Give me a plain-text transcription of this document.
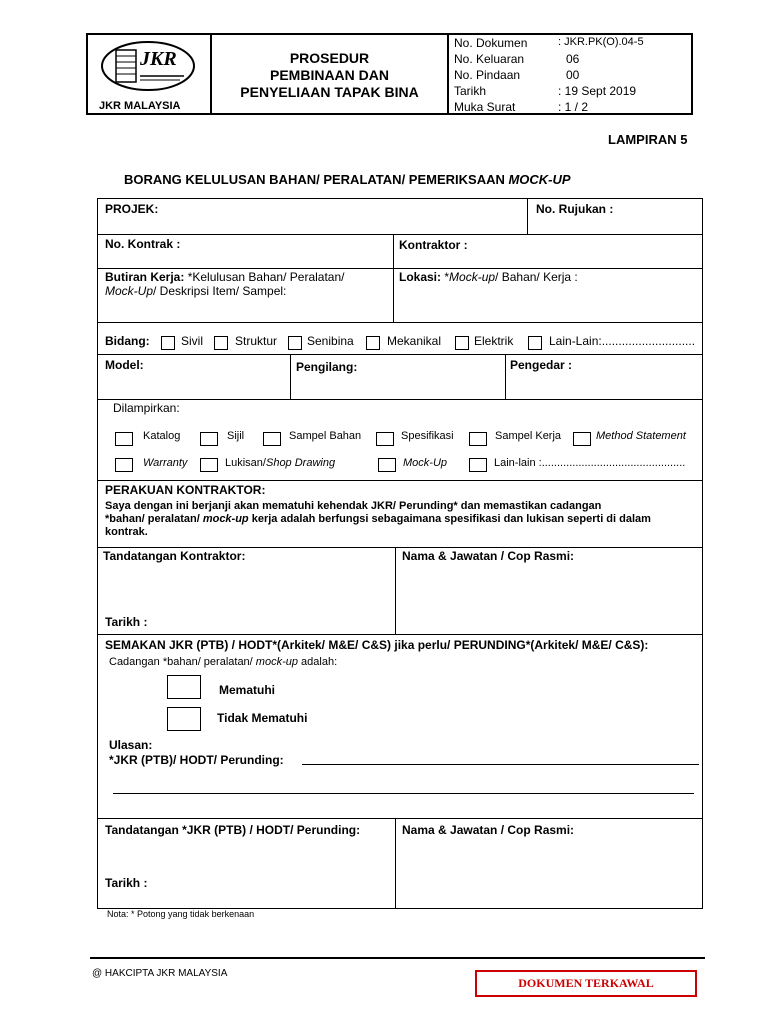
JKR
JKR MALAYSIA
PROSEDUR
PEMBINAAN DAN
PENYELIAAN TAPAK BINA
No. Dokumen	: JKR.PK(O).04-5
No. Keluaran	06
No. Pindaan	00
Tarikh	: 19 Sept 2019
Muka Surat	: 1 / 2
LAMPIRAN 5
BORANG KELULUSAN BAHAN/ PERALATAN/ PEMERIKSAAN MOCK-UP
PROJEK:	No. Rujukan :
No. Kontrak :	Kontraktor :
Butiran Kerja: *Kelulusan Bahan/ Peralatan/
Mock-Up/ Deskripsi Item/ Sampel:
Lokasi: *Mock-up/ Bahan/ Kerja :
Bidang:	Sivil	Struktur Senibina	Mekanikal	Elektrik	Lain-Lain:............................
Model:	Pengilang:	Pengedar :
Dilampirkan:
Katalog	Sijil	Sampel Bahan	Spesifikasi	Sampel Kerja	Method Statement
Warranty	Lukisan/Shop Drawing	Mock-Up	Lain-lain :...............................................
PERAKUAN KONTRAKTOR:
Saya dengan ini berjanji akan mematuhi kehendak JKR/ Perunding* dan memastikan cadangan
*bahan/ peralatan/ mock-up kerja adalah berfungsi sebagaimana spesifikasi dan lukisan seperti di dalam
kontrak.
Tandatangan Kontraktor:	Nama & Jawatan / Cop Rasmi:
Tarikh :
SEMAKAN JKR (PTB) / HODT*(Arkitek/ M&E/ C&S) jika perlu/ PERUNDING*(Arkitek/ M&E/ C&S):
Cadangan *bahan/ peralatan/ mock-up adalah:
Mematuhi
Tidak Mematuhi
Ulasan:
*JKR (PTB)/ HODT/ Perunding:
Tandatangan *JKR (PTB) / HODT/ Perunding:	Nama & Jawatan / Cop Rasmi:
Tarikh :
Nota: * Potong yang tidak berkenaan
@ HAKCIPTA JKR MALAYSIA
DOKUMEN TERKAWAL
